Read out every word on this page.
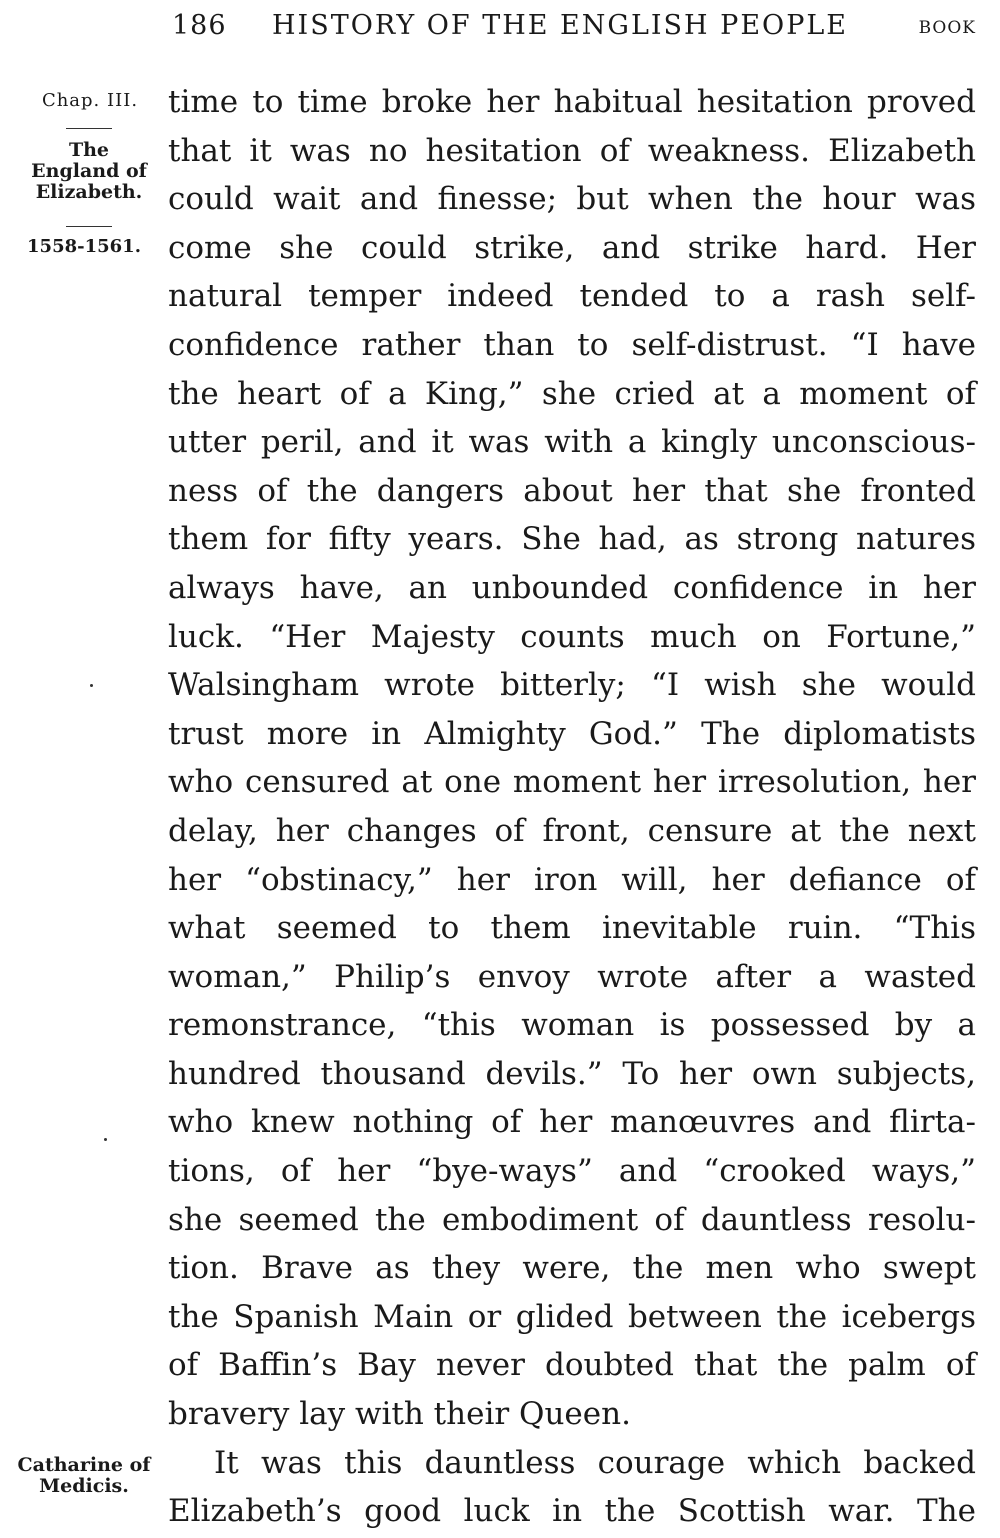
186 HISTORY OF THE ENGLISH PEOPLE	BOOK
Chap. III.
The
England of
Elizabeth.
1558-1561.
Catharine of
Medicis.
time to time broke her habitual hesitation proved
that it was no hesitation of weakness. Elizabeth
could wait and finesse; but when the hour was
come she could strike, and strike hard. Her
natural temper indeed tended to a rash self-
confidence rather than to self-distrust. “I have
the heart of a King,” she cried at a moment of
utter peril, and it was with a kingly unconscious-
ness of the dangers about her that she fronted
them for fifty years. She had, as strong natures
always have, an unbounded confidence in her
luck. “Her Majesty counts much on Fortune,”
Walsingham wrote bitterly; “I wish she would
trust more in Almighty God.” The diplomatists
who censured at one moment her irresolution, her
delay, her changes of front, censure at the next
her “obstinacy,” her iron will, her defiance of
what seemed to them inevitable ruin. “This
woman,” Philip’s envoy wrote after a wasted
remonstrance, “this woman is possessed by a
hundred thousand devils.” To her own subjects,
who knew nothing of her manœuvres and flirta-
tions, of her “bye-ways” and “crooked ways,”
she seemed the embodiment of dauntless resolu-
tion. Brave as they were, the men who swept
the Spanish Main or glided between the icebergs
of Baffin’s Bay never doubted that the palm of
bravery lay with their Queen.
It was this dauntless courage which backed
Elizabeth’s good luck in the Scottish war. The
